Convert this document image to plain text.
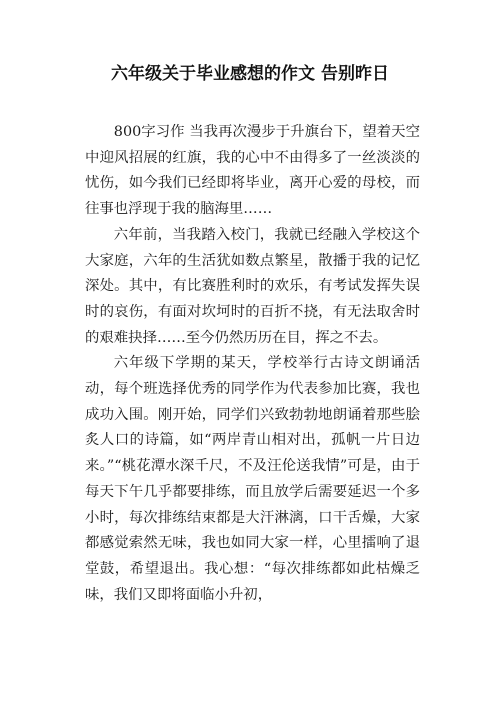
六年级关于毕业感想的作文 告别昨日

800字习作 当我再次漫步于升旗台下，望着天空中迎风招展的红旗，我的心中不由得多了一丝淡淡的忧伤，如今我们已经即将毕业，离开心爱的母校，而往事也浮现于我的脑海里……

六年前，当我踏入校门，我就已经融入学校这个大家庭，六年的生活犹如数点繁星，散播于我的记忆深处。其中，有比赛胜利时的欢乐，有考试发挥失误时的哀伤，有面对坎坷时的百折不挠，有无法取舍时的艰难抉择……至今仍然历历在目，挥之不去。

六年级下学期的某天，学校举行古诗文朗诵活动，每个班选择优秀的同学作为代表参加比赛，我也成功入围。刚开始，同学们兴致勃勃地朗诵着那些脍炙人口的诗篇，如“两岸青山相对出，孤帆一片日边来。”“桃花潭水深千尺，不及汪伦送我情”可是，由于每天下午几乎都要排练，而且放学后需要延迟一个多小时，每次排练结束都是大汗淋漓，口干舌燥，大家都感觉索然无味，我也如同大家一样，心里擂响了退堂鼓，希望退出。我心想：“每次排练都如此枯燥乏味，我们又即将面临小升初，
